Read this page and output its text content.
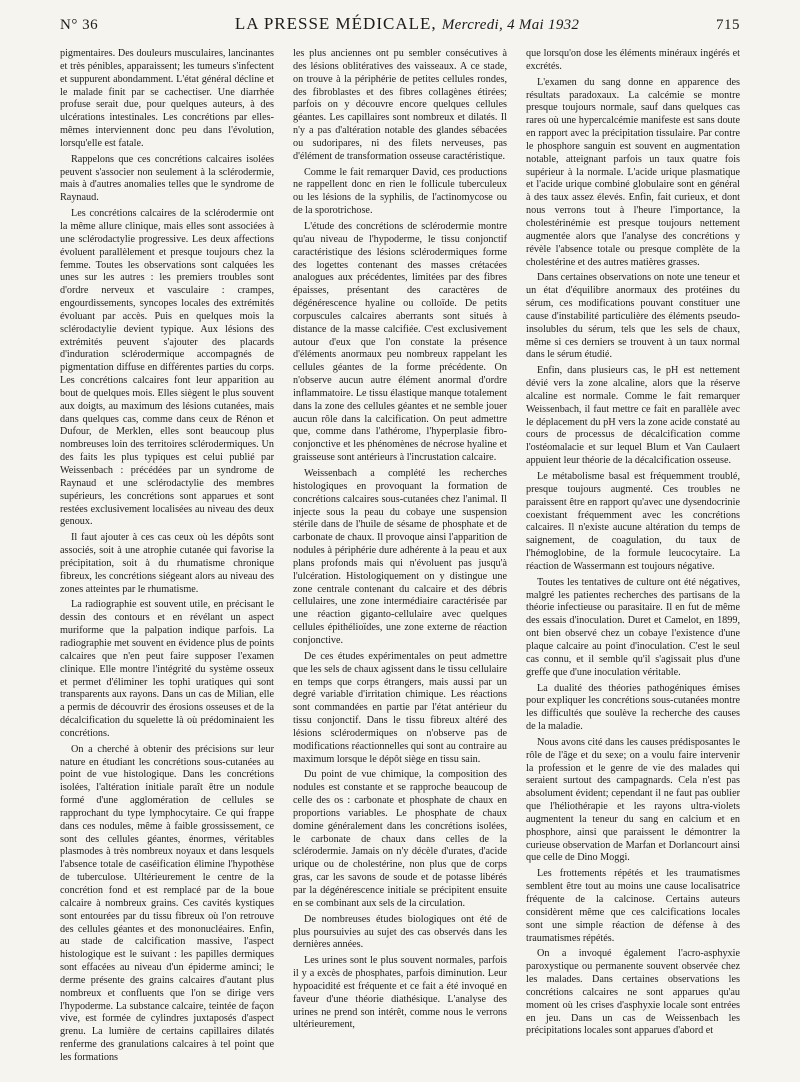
N° 36	LA PRESSE MÉDICALE, Mercredi, 4 Mai 1932	715

pigmentaires. Des douleurs musculaires, lancinantes et très pénibles, apparaissent; les tumeurs s'infectent et suppurent abondamment. L'état général décline et le malade finit par se cachectiser. Une diarrhée profuse serait due, pour quelques auteurs, à des ulcérations intestinales. Les concrétions par elles-mêmes interviennent donc peu dans l'évolution, lorsqu'elle est fatale.

Rappelons que ces concrétions calcaires isolées peuvent s'associer non seulement à la sclérodermie, mais à d'autres anomalies telles que le syndrome de Raynaud.

Les concrétions calcaires de la sclérodermie ont la même allure clinique, mais elles sont associées à une sclérodactylie progressive. Les deux affections évoluent parallèlement et presque toujours chez la femme. Toutes les observations sont calquées les unes sur les autres : les premiers troubles sont d'ordre nerveux et vasculaire : crampes, engourdissements, syncopes locales des extrémités évoluant par accès. Puis en quelques mois la sclérodactylie devient typique. Aux lésions des extrémités peuvent s'ajouter des placards d'induration sclérodermique accompagnés de pigmentation diffuse en différentes parties du corps. Les concrétions calcaires font leur apparition au bout de quelques mois. Elles siègent le plus souvent aux doigts, au maximum des lésions cutanées, mais dans quelques cas, comme dans ceux de Rénon et Dufour, de Merklen, elles sont beaucoup plus nombreuses loin des territoires sclérodermiques. Un des faits les plus typiques est celui publié par Weissenbach : précédées par un syndrome de Raynaud et une sclérodactylie des membres supérieurs, les concrétions sont apparues et sont restées exclusivement localisées au niveau des deux genoux.

Il faut ajouter à ces cas ceux où les dépôts sont associés, soit à une atrophie cutanée qui favorise la précipitation, soit à du rhumatisme chronique fibreux, les concrétions siégeant alors au niveau des zones atteintes par le rhumatisme.

La radiographie est souvent utile, en précisant le dessin des contours et en révélant un aspect muriforme que la palpation indique parfois. La radiographie met souvent en évidence plus de points calcaires que n'en peut faire supposer l'examen clinique. Elle montre l'intégrité du système osseux et permet d'éliminer les tophi uratiques qui sont transparents aux rayons. Dans un cas de Milian, elle a permis de découvrir des érosions osseuses et de la décalcification du squelette là où prédominaient les concrétions.

On a cherché à obtenir des précisions sur leur nature en étudiant les concrétions sous-cutanées au point de vue histologique. Dans les concrétions isolées, l'altération initiale paraît être un nodule formé d'une agglomération de cellules se rapprochant du type lymphocytaire. Ce qui frappe dans ces nodules, même à faible grossissement, ce sont des cellules géantes, énormes, véritables plasmodes à très nombreux noyaux et dans lesquels l'absence totale de caséification élimine l'hypothèse de tuberculose. Ultérieurement le centre de la concrétion fond et est remplacé par de la boue calcaire à nombreux grains. Ces cavités kystiques sont entourées par du tissu fibreux où l'on retrouve des cellules géantes et des mononucléaires. Enfin, au stade de calcification massive, l'aspect histologique est le suivant : les papilles dermiques sont effacées au niveau d'un épiderme aminci; le derme présente des grains calcaires d'autant plus nombreux et confluents que l'on se dirige vers l'hypoderme. La substance calcaire, teintée de façon vive, est formée de cylindres juxtaposés d'aspect grenu. La lumière de certains capillaires dilatés renferme des granulations calcaires à tel point que les formations

les plus anciennes ont pu sembler consécutives à des lésions oblitératives des vaisseaux. A ce stade, on trouve à la périphérie de petites cellules rondes, des fibroblastes et des fibres collagènes étirées; parfois on y découvre encore quelques cellules géantes. Les capillaires sont nombreux et dilatés. Il n'y a pas d'altération notable des glandes sébacées ou sudoripares, ni des filets nerveuses, pas d'élément de transformation osseuse caractéristique.

Comme le fait remarquer David, ces productions ne rappellent donc en rien le follicule tuberculeux ou les lésions de la syphilis, de l'actinomycose ou de la sporotrichose.

L'étude des concrétions de sclérodermie montre qu'au niveau de l'hypoderme, le tissu conjonctif caractéristique des lésions sclérodermiques forme des logettes contenant des masses crétacées analogues aux précédentes, limitées par des fibres épaisses, présentant des caractères de dégénérescence hyaline ou colloïde. De petits corpuscules calcaires aberrants sont situés à distance de la masse calcifiée. C'est exclusivement autour d'eux que l'on constate la présence d'éléments anormaux peu nombreux rappelant les cellules géantes de la forme précédente. On n'observe aucun autre élément anormal d'ordre inflammatoire. Le tissu élastique manque totalement dans la zone des cellules géantes et ne semble jouer aucun rôle dans la calcification. On peut admettre que, comme dans l'athérome, l'hyperplasie fibro-conjonctive et les phénomènes de nécrose hyaline et graisseuse sont antérieurs à l'incrustation calcaire.

Weissenbach a complété les recherches histologiques en provoquant la formation de concrétions calcaires sous-cutanées chez l'animal. Il injecte sous la peau du cobaye une suspension stérile dans de l'huile de sésame de phosphate et de carbonate de chaux. Il provoque ainsi l'apparition de nodules à périphérie dure adhérente à la peau et aux plans profonds mais qui n'évoluent pas jusqu'à l'ulcération. Histologiquement on y distingue une zone centrale contenant du calcaire et des débris cellulaires, une zone intermédiaire caractérisée par une réaction giganto-cellulaire avec quelques cellules épithélioïdes, une zone externe de réaction conjonctive.

De ces études expérimentales on peut admettre que les sels de chaux agissent dans le tissu cellulaire en temps que corps étrangers, mais aussi par un degré variable d'irritation chimique. Les réactions sont commandées en partie par l'état antérieur du tissu conjonctif. Dans le tissu fibreux altéré des lésions sclérodermiques on n'observe pas de modifications réactionnelles qui sont au contraire au maximum lorsque le dépôt siège en tissu sain.

Du point de vue chimique, la composition des nodules est constante et se rapproche beaucoup de celle des os : carbonate et phosphate de chaux en proportions variables. Le phosphate de chaux domine généralement dans les concrétions isolées, le carbonate de chaux dans celles de la sclérodermie. Jamais on n'y décèle d'urates, d'acide urique ou de cholestérine, non plus que de corps gras, car les savons de soude et de potasse libérés par la dégénérescence initiale se précipitent ensuite en se combinant aux sels de la circulation.

De nombreuses études biologiques ont été de plus poursuivies au sujet des cas observés dans les dernières années.

Les urines sont le plus souvent normales, parfois il y a excès de phosphates, parfois diminution. Leur hypoacidité est fréquente et ce fait a été invoqué en faveur d'une théorie diathésique. L'analyse des urines ne prend son intérêt, comme nous le verrons ultérieurement,

que lorsqu'on dose les éléments minéraux ingérés et excrétés.

L'examen du sang donne en apparence des résultats paradoxaux. La calcémie se montre presque toujours normale, sauf dans quelques cas rares où une hypercalcémie manifeste est sans doute en rapport avec la précipitation tissulaire. Par contre le phosphore sanguin est souvent en augmentation notable, atteignant parfois un taux quatre fois supérieur à la normale. L'acide urique plasmatique et l'acide urique combiné globulaire sont en général à des taux assez élevés. Enfin, fait curieux, et dont nous verrons tout à l'heure l'importance, la cholestérinémie est presque toujours nettement augmentée alors que l'analyse des concrétions y révèle l'absence totale ou presque complète de la cholestérine et des autres matières grasses.

Dans certaines observations on note une teneur et un état d'équilibre anormaux des protéines du sérum, ces modifications pouvant constituer une cause d'instabilité particulière des éléments pseudo-insolubles du sérum, tels que les sels de chaux, même si ces derniers se trouvent à un taux normal dans le sérum étudié.

Enfin, dans plusieurs cas, le pH est nettement dévié vers la zone alcaline, alors que la réserve alcaline est normale. Comme le fait remarquer Weissenbach, il faut mettre ce fait en parallèle avec le déplacement du pH vers la zone acide constaté au cours de processus de décalcification comme l'ostéomalacie et sur lequel Blum et Van Caulaert appuient leur théorie de la décalcification osseuse.

Le métabolisme basal est fréquemment troublé, presque toujours augmenté. Ces troubles ne paraissent être en rapport qu'avec une dysendocrinie coexistant fréquemment avec les concrétions calcaires. Il n'existe aucune altération du temps de saignement, de coagulation, du taux de l'hémoglobine, de la formule leucocytaire. La réaction de Wassermann est toujours négative.

Toutes les tentatives de culture ont été négatives, malgré les patientes recherches des partisans de la théorie infectieuse ou parasitaire. Il en fut de même des essais d'inoculation. Duret et Camelot, en 1899, ont bien observé chez un cobaye l'existence d'une plaque calcaire au point d'inoculation. C'est le seul cas connu, et il semble qu'il s'agissait plus d'une greffe que d'une inoculation véritable.

La dualité des théories pathogéniques émises pour expliquer les concrétions sous-cutanées montre les difficultés que soulève la recherche des causes de la maladie.

Nous avons cité dans les causes prédisposantes le rôle de l'âge et du sexe; on a voulu faire intervenir la profession et le genre de vie des malades qui seraient surtout des campagnards. Cela n'est pas absolument évident; cependant il ne faut pas oublier que l'héliothérapie et les rayons ultra-violets augmentent la teneur du sang en calcium et en phosphore, ainsi que paraissent le démontrer la curieuse observation de Marfan et Dorlancourt ainsi que celle de Dino Moggi.

Les frottements répétés et les traumatismes semblent être tout au moins une cause localisatrice fréquente de la calcinose. Certains auteurs considèrent même que ces calcifications locales sont une simple réaction de défense à des traumatismes répétés.

On a invoqué également l'acro-asphyxie paroxystique ou permanente souvent observée chez les malades. Dans certaines observations les concrétions calcaires ne sont apparues qu'au moment où les crises d'asphyxie locale sont entrées en jeu. Dans un cas de Weissenbach les précipitations locales sont apparues d'abord et
